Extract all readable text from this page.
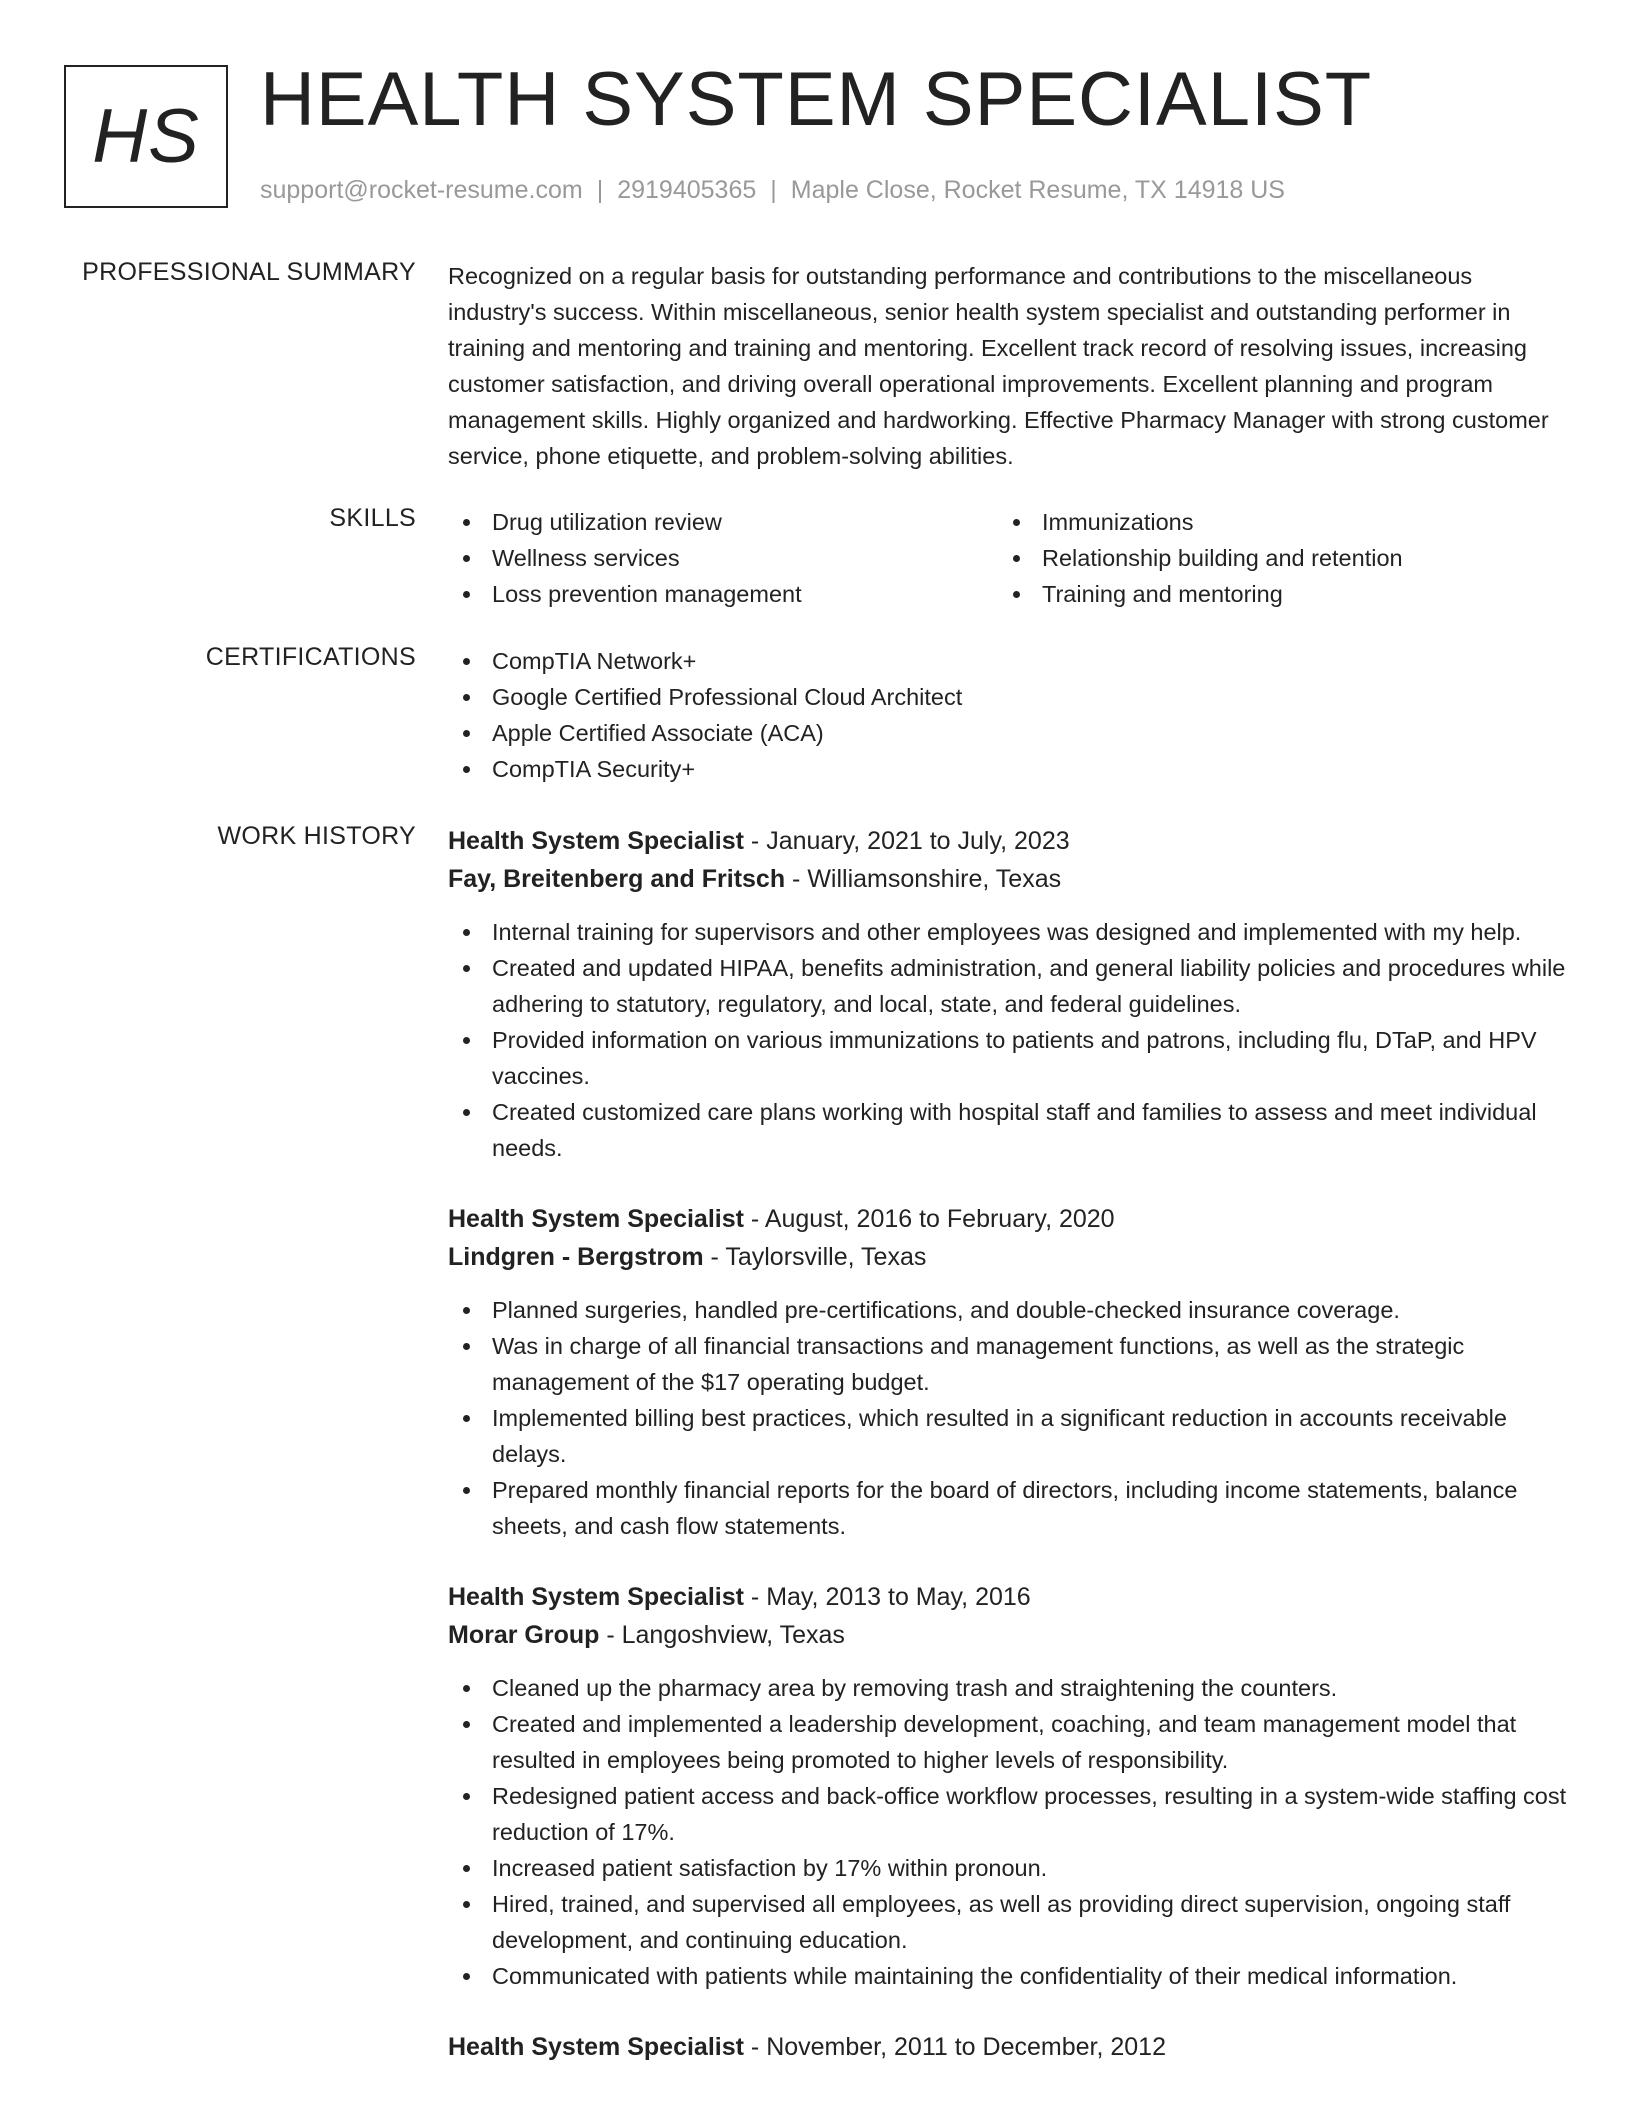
HS HEALTH SYSTEM SPECIALIST
support@rocket-resume.com | 2919405365 | Maple Close, Rocket Resume, TX 14918 US
PROFESSIONAL SUMMARY Recognized on a regular basis for outstanding performance and contributions to the miscellaneous industry's success. Within miscellaneous, senior health system specialist and outstanding performer in training and mentoring and training and mentoring. Excellent track record of resolving issues, increasing customer satisfaction, and driving overall operational improvements. Excellent planning and program management skills. Highly organized and hardworking. Effective Pharmacy Manager with strong customer service, phone etiquette, and problem-solving abilities.
SKILLS	Drug utilization review
Wellness services
Loss prevention management
Immunizations
Relationship building and retention
Training and mentoring
CERTIFICATIONS	CompTIA Network+
Google Certified Professional Cloud Architect
Apple Certified Associate (ACA)
CompTIA Security+
WORK HISTORY Health System Specialist - January, 2021 to July, 2023
Fay, Breitenberg and Fritsch - Williamsonshire, Texas
Internal training for supervisors and other employees was designed and implemented with my help.
Created and updated HIPAA, benefits administration, and general liability policies and procedures while adhering to statutory, regulatory, and local, state, and federal guidelines.
Provided information on various immunizations to patients and patrons, including flu, DTaP, and HPV vaccines.
Created customized care plans working with hospital staff and families to assess and meet individual needs.
Health System Specialist - August, 2016 to February, 2020
Lindgren - Bergstrom - Taylorsville, Texas
Planned surgeries, handled pre-certifications, and double-checked insurance coverage.
Was in charge of all financial transactions and management functions, as well as the strategic management of the $17 operating budget.
Implemented billing best practices, which resulted in a significant reduction in accounts receivable delays.
Prepared monthly financial reports for the board of directors, including income statements, balance sheets, and cash flow statements.
Health System Specialist - May, 2013 to May, 2016
Morar Group - Langoshview, Texas
Cleaned up the pharmacy area by removing trash and straightening the counters.
Created and implemented a leadership development, coaching, and team management model that resulted in employees being promoted to higher levels of responsibility.
Redesigned patient access and back-office workflow processes, resulting in a system-wide staffing cost reduction of 17%.
Increased patient satisfaction by 17% within pronoun.
Hired, trained, and supervised all employees, as well as providing direct supervision, ongoing staff development, and continuing education.
Communicated with patients while maintaining the confidentiality of their medical information.
Health System Specialist - November, 2011 to December, 2012
